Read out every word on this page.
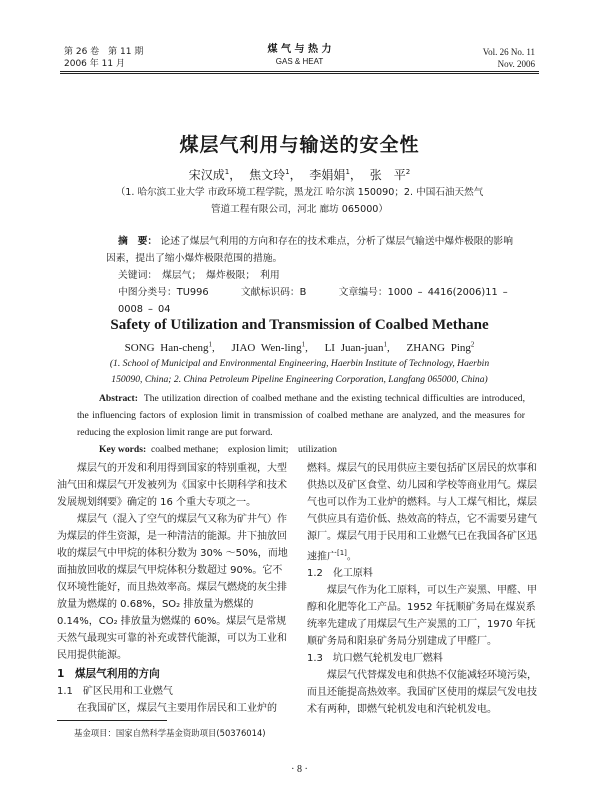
第 26 卷　第 11 期
2006 年 11 月
煤 气 与 热 力
GAS & HEAT
Vol. 26 No. 11
Nov. 2006
煤层气利用与输送的安全性
宋汉成$^1$， 焦文玲$^1$， 李娟娟$^1$， 张　平$^2$
（1. 哈尔滨工业大学 市政环境工程学院，黑龙江 哈尔滨 150090；2. 中国石油天然气
管道工程有限公司，河北 廊坊 065000）
摘　要： 论述了煤层气利用的方向和存在的技术难点，分析了煤层气输送中爆炸极限的影响
因素，提出了缩小爆炸极限范围的措施。
关键词：　 煤层气；　爆炸极限；　利用
中图分类号：TU996	文献标识码：B	文章编号：1000 – 4416(2006)11 – 0008 – 04
Safety of Utilization and Transmission of Coalbed Methane
SONG Han-cheng$^1$,　 JIAO Wen-ling$^1$,　 LI Juan-juan$^1$,　 ZHANG Ping$^2$
(1. School of Municipal and Environmental Engineering, Haerbin Institute of Technology, Haerbin
150090, China; 2. China Petroleum Pipeline Engineering Corporation, Langfang 065000, China)
Abstract: The utilization direction of coalbed methane and the existing technical difficulties are introduced, the influencing factors of explosion limit in transmission of coalbed methane are analyzed, and the measures for reducing the explosion limit range are put forward.
Key words: coalbed methane;　explosion limit;　utilization

煤层气的开发和利用得到国家的特别重视，大型油气田和煤层气开发被列为《国家中长期科学和技术发展规划纲要》确定的 16 个重大专项之一。

煤层气（混入了空气的煤层气又称为矿井气）作为煤层的伴生资源，是一种清洁的能源。井下抽放回收的煤层气中甲烷的体积分数为 30% ～50%，而地面抽放回收的煤层气甲烷体积分数超过 90%。它不仅环境性能好，而且热效率高。煤层气燃烧的灰尘排放量为燃煤的 0.68%，SO₂ 排放量为燃煤的 0.14%，CO₂ 排放量为燃煤的 60%。煤层气是常规天然气最现实可靠的补充或替代能源，可以为工业和民用提供能源。

1　煤层气利用的方向

1.1　矿区民用和工业燃气

在我国矿区，煤层气主要用作居民和工业炉的

燃料。煤层气的民用供应主要包括矿区居民的炊事和供热以及矿区食堂、幼儿园和学校等商业用气。煤层气也可以作为工业炉的燃料。与人工煤气相比，煤层气供应具有造价低、热效高的特点，它不需要另建气源厂。煤层气用于民用和工业燃气已在我国各矿区迅速推广[1]。

1.2　化工原料

煤层气作为化工原料，可以生产炭黑、甲醛、甲醇和化肥等化工产品。1952 年抚顺矿务局在煤炭系统率先建成了用煤层气生产炭黑的工厂，1970 年抚顺矿务局和阳泉矿务局分别建成了甲醛厂。

1.3　坑口燃气轮机发电厂燃料

煤层气代替煤发电和供热不仅能减轻环境污染，而且还能提高热效率。我国矿区使用的煤层气发电技术有两种，即燃气轮机发电和汽轮机发电。

基金项目：国家自然科学基金资助项目(50376014)
· 8 ·
